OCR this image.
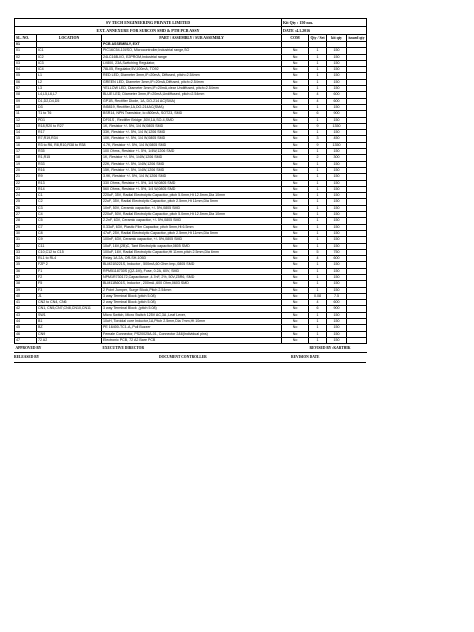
SV TECH ENGINEERING PRIVATE LIMITED			Kit Qty : 150 nos.			
EXT. ANNEXURE FOR SUBCON SMD & PTH PCB ASSY			DATE :4.1.2016			
SL. NO.	LOCATION	PART / ASSEMBLY / SUB ASSEMBLY	COM	Qty / Set	kit qty	issued qty
01		PCB ASSEMBLY, EXT				
01	IC1	PIC16C54-10I/SO, Microcontroller,Industrial range,SO	No	1	150	
02	IC2	24LC16B-I/O, E2PROM,Industrial range	No	1	150	
03	IC3	LV800, 23A,Switching Regulator,	No	1	150	
04	IC4	78L05, Regulator,5V,100mA, TO92	No	1	150	
05	L1	RED LED, Diameter 3mm,IF=20mA, Diffused, pitch=2.54mm	No	1	150	
06	L2	GREEN LED, Diameter 3mm,IF=20mA,Diffused, pitch=2.54mm	No	1	150	
07	L3	YELLOW LED, Diameter 3mm,IF=20mA,clear Undiffused, pitch=2.54mm	No	1	150	
08	L4,L5,L6,L7	BLUE LED, Diameter 3mm,IF=20mA,Undiffused, pitch=2.54mm	No	4	600	
09	D1,D2,D4,D5	GP1B, Rectifier Diode, 1A, DO-214 AC(SMA)	No	4	600	
10	D3	IN5819, Rectifier,1A,DO-214AC(SMA)	No	1	150	
11	T1 to T6	BSR14, NPN Transistor, Ic=800mA, SOT23, SMD	No	6	900	
12	PD1	DF01S , Rectifier Bridge ,50V,1A,SO-4,SMD	No	1	150	
13	R18,R20 to R27	1K, Resistor +/- 5%, 1/4 W,0805 SMD	No	9	1350	
14	R17	33K, Resistor +/- 5%, 1/4 W,1206 SMD	No	1	150	
15	R7,R19,R34	10K, Resistor +/- 5%, 1/4 W,0805 SMD	No	3	450	
16	R3 to R6, R8,R10,R38 to R38	4.7K, Resistor +/- 5%, 1/4 W,0805 SMD	No	9	1350	
17	R35	100 Ohms, Resistor +/- 5%, 1/4W,1206 SMD	No	1	150	
18	R1,R15	1K, Resistor +/- 5%, 1/4W,1206 SMD	No	2	300	
19	R33	22K, Resistor +/- 5%, 1/4W,1206 SMD	No	1	150	
20	R16	15K, Resistor +/- 5%, 1/4W,1206 SMD	No	1	150	
21	R9	3.9K, Resistor +/- 5%, 1/4 W,1206 SMD	No	1	150	
22	R13	330 Ohms, Resistor +/- 5%, 1/4 W,0805 SMD	No	1	150	
23	R14	560 Ohms, Resistor +/- 5%, 1/4 W,0805 SMD	No	1	150	
24	C1	220uF, 35V, Radial Electrolytic Capacitor, pitch 5.0mm,Ht 12.5mm,Dia 10mm	No	1	150	
25	C2	22uF, 35V, Radial Electrolytic Capacitor, pitch 2.5mm,Ht 11mm,Dia 5mm	No	1	150	
26	C3	10nF, 50V, Ceramic capacitor, +/- 5%,0805 SMD	No	1	150	
27	C4	220uF, 50V, Radial Electrolytic Capacitor, pitch 5.0mm,Ht 12.5mm,Dia 10mm	No	1	150	
28	C5	2.2nF, 63V, Ceramic capacitor, +/- 5%,0805 SMD	No	1	150	
29	C7	0.33uF, 63V, Plastic Film Capacitor, pitch 5mm,Ht 6.5mm	No	1	150	
30	C8	47uF, 25V, Radial Electrolytic Capacitor, pitch 2.5mm,Ht 11mm,Dia 5mm	No	1	150	
31	C9	100nF, 63V, Ceramic capacitor, +/- 5%,0805 SMD	No	1	150	
32	C11	10uF, 16V,(2B)C, Tant Electrolytic capacitor,0805 SMD	No	1	150	
33	C10,C12 to C15	100uF, 16V, Radial Electrolytic Capacitor,Ht 11mm,pitch 2.5mm,Dia 6mm	No	5	750	
34	RL1 to RL4	Relay 1A 2A, OR-SH-105D	No	4	600	
35	FZP 2	BLM21B221S, Inductor , 500mA,60 Ohm Imp.,0805 SMD	No	1	150	
36	F1	RPM5118730S (QZ-1M), Fuse, 0.2A, 60V, SMD	No	1	150	
37	F2	NPM1R730172,Capacitance ,4.7nF, 2%, 50V,Z5R6, SMD	No	1	150	
38	F5	BLM11B601S, Inductor , 200mA ,600 Ohm,0603 SMD	No	1	150	
39	F3	2 Point Jumper, Surge Block,Pitch 2.54mm	No	1	150	
40	J1	3 way Terminal Block (pitch 5.08)	No	0.08	7.5	
41	CN2 to CN4, CN6	2 way Terminal Block (pitch 5.08)	No	4	600	
42	CN1, CN5,CN7,CN8,CN10,CN11	3 way Terminal Block ,(pitch 5.08)	No	6	900	
43	SW1	Micro Switch, Micro Switch 125V AC,3A ,Leaf Lever,	No	1	150	
44	B1	10uH, Toroidal core Inductor,1A,Pitch 2.5mm,Dia 7mm,Ht 10mm	No	1	150	
45	BZ	PE 16400-TC1-A,,Pull Buzzer	No	1	150	
46	CN9	Female Connector, PS20025A-01, Connector 2&6(Individual pins)	No	1	150	
47	72 A2	Electronic PCB, 72 A2 Bare PCB	No	1	150	
APPROVED BY		EXECUTIVE DIRECTOR		REVISED BY :KARTHIK		
RELEASED BY	DOCUMENT CONTROLLER	REVISION DATE
